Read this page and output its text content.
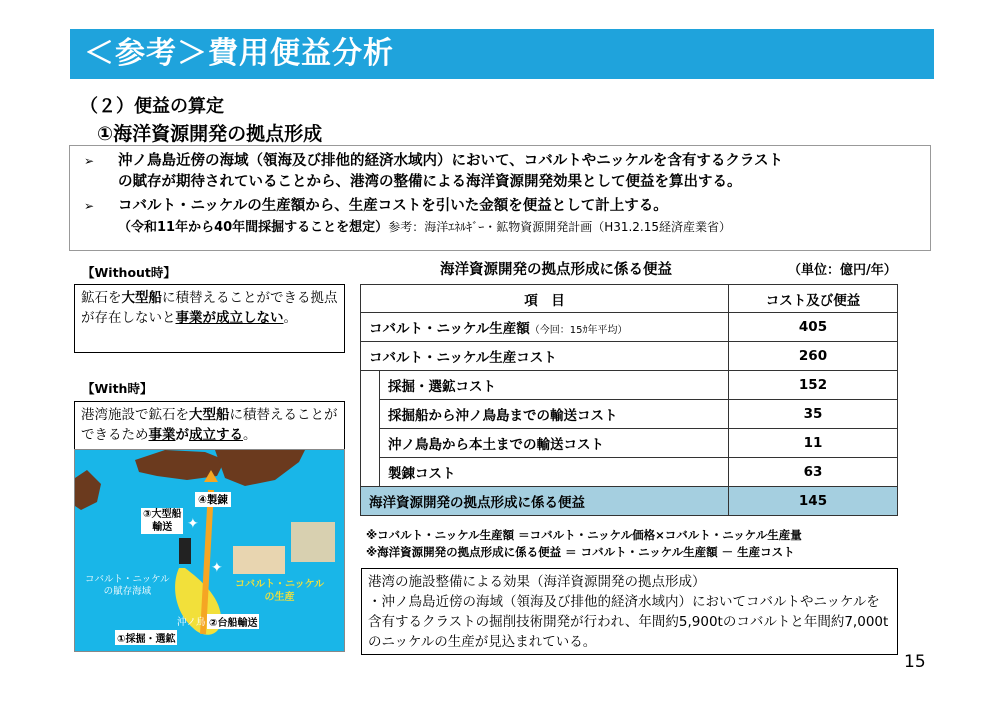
＜参考＞費用便益分析
（２）便益の算定
①海洋資源開発の拠点形成
➢	沖ノ鳥島近傍の海域（領海及び排他的経済水域内）において、コバルトやニッケルを含有するクラスト
の賦存が期待されていることから、港湾の整備による海洋資源開発効果として便益を算出する。
➢	コバルト・ニッケルの生産額から、生産コストを引いた金額を便益として計上する。
（令和11年から40年間採掘することを想定）参考：海洋ｴﾈﾙｷﾞｰ・鉱物資源開発計画（H31.2.15経済産業省）
【Without時】
鉱石を大型船に積替えることができる拠点が存在しないと事業が成立しない。
【With時】
港湾施設で鉱石を大型船に積替えることができるため事業が成立する。
✦
✦
④製錬
③大型船
輸送
コバルト・ニッケル
の賦存海域
コバルト・ニッケル
の生産
沖ノ鳥 ②台船輸送
①採掘・選鉱
海洋資源開発の拠点形成に係る便益	（単位：億円/年）
項　目		コスト及び便益
コバルト・ニッケル生産額（今回：15ｶ年平均）		405
コバルト・ニッケル生産コスト		260
	採掘・選鉱コスト	152
	採掘船から沖ノ鳥島までの輸送コスト	35
	沖ノ鳥島から本土までの輸送コスト	11
	製錬コスト	63
海洋資源開発の拠点形成に係る便益		145
※コバルト・ニッケル生産額 ＝コバルト・ニッケル価格×コバルト・ニッケル生産量
※海洋資源開発の拠点形成に係る便益 ＝ コバルト・ニッケル生産額 － 生産コスト
港湾の施設整備による効果（海洋資源開発の拠点形成）
・沖ノ鳥島近傍の海域（領海及び排他的経済水域内）においてコバルトやニッケルを含有するクラストの掘削技術開発が行われ、年間約5,900tのコバルトと年間約7,000tのニッケルの生産が見込まれている。
15
